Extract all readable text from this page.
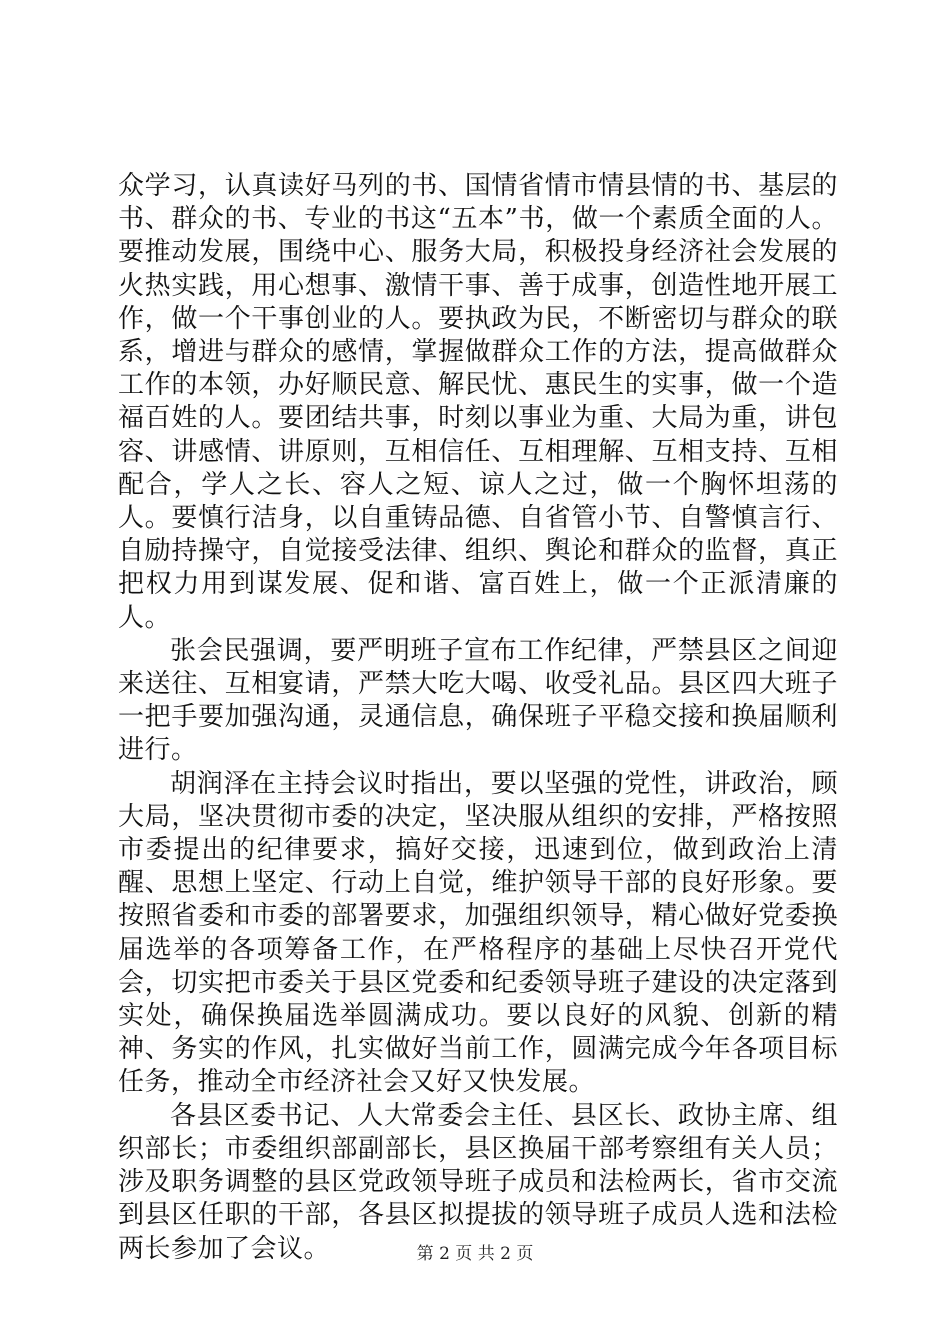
众学习，认真读好马列的书、国情省情市情县情的书、基层的书、群众的书、专业的书这“五本”书，做一个素质全面的人。要推动发展，围绕中心、服务大局，积极投身经济社会发展的火热实践，用心想事、激情干事、善于成事，创造性地开展工作，做一个干事创业的人。要执政为民，不断密切与群众的联系，增进与群众的感情，掌握做群众工作的方法，提高做群众工作的本领，办好顺民意、解民忧、惠民生的实事，做一个造福百姓的人。要团结共事，时刻以事业为重、大局为重，讲包容、讲感情、讲原则，互相信任、互相理解、互相支持、互相配合，学人之长、容人之短、谅人之过，做一个胸怀坦荡的人。要慎行洁身，以自重铸品德、自省管小节、自警慎言行、自励持操守，自觉接受法律、组织、舆论和群众的监督，真正把权力用到谋发展、促和谐、富百姓上，做一个正派清廉的人。

张会民强调，要严明班子宣布工作纪律，严禁县区之间迎来送往、互相宴请，严禁大吃大喝、收受礼品。县区四大班子一把手要加强沟通，灵通信息，确保班子平稳交接和换届顺利进行。

胡润泽在主持会议时指出，要以坚强的党性，讲政治，顾大局，坚决贯彻市委的决定，坚决服从组织的安排，严格按照市委提出的纪律要求，搞好交接，迅速到位，做到政治上清醒、思想上坚定、行动上自觉，维护领导干部的良好形象。要按照省委和市委的部署要求，加强组织领导，精心做好党委换届选举的各项筹备工作，在严格程序的基础上尽快召开党代会，切实把市委关于县区党委和纪委领导班子建设的决定落到实处，确保换届选举圆满成功。要以良好的风貌、创新的精神、务实的作风，扎实做好当前工作，圆满完成今年各项目标任务，推动全市经济社会又好又快发展。

各县区委书记、人大常委会主任、县区长、政协主席、组织部长；市委组织部副部长，县区换届干部考察组有关人员；涉及职务调整的县区党政领导班子成员和法检两长，省市交流到县区任职的干部，各县区拟提拔的领导班子成员人选和法检两长参加了会议。	第 2 页 共 2 页
